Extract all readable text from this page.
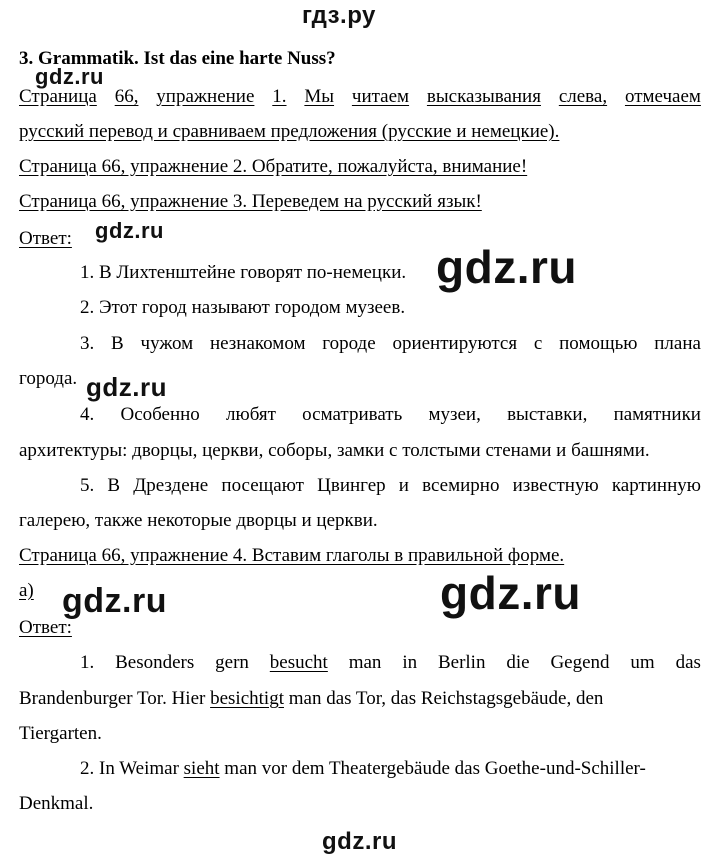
гдз.ру
gdz.ru
gdz.ru
gdz.ru
gdz.ru
gdz.ru	gdz.ru
gdz.ru
3. Grammatik. Ist das eine harte Nuss?
Страница 66, упражнение 1. Мы читаем высказывания слева, отмечаем
русский перевод и сравниваем предложения (русские и немецкие).
Страница 66, упражнение 2. Обратите, пожалуйста, внимание!
Страница 66, упражнение 3. Переведем на русский язык!
Ответ:
1. В Лихтенштейне говорят по-немецки.
2. Этот город называют городом музеев.
3. В чужом незнакомом городе ориентируются с помощью плана
города.
4. Особенно любят осматривать музеи, выставки, памятники
архитектуры: дворцы, церкви, соборы, замки с толстыми стенами и башнями.
5. В Дрездене посещают Цвингер и всемирно известную картинную
галерею, также некоторые дворцы и церкви.
Страница 66, упражнение 4. Вставим глаголы в правильной форме.
а)
Ответ:
1. Besonders gern besucht man in Berlin die Gegend um das
Brandenburger Tor. Hier besichtigt man das Tor, das Reichstagsgebäude, den
Tiergarten.
2. In Weimar sieht man vor dem Theatergebäude das Goethe-und-Schiller-
Denkmal.
